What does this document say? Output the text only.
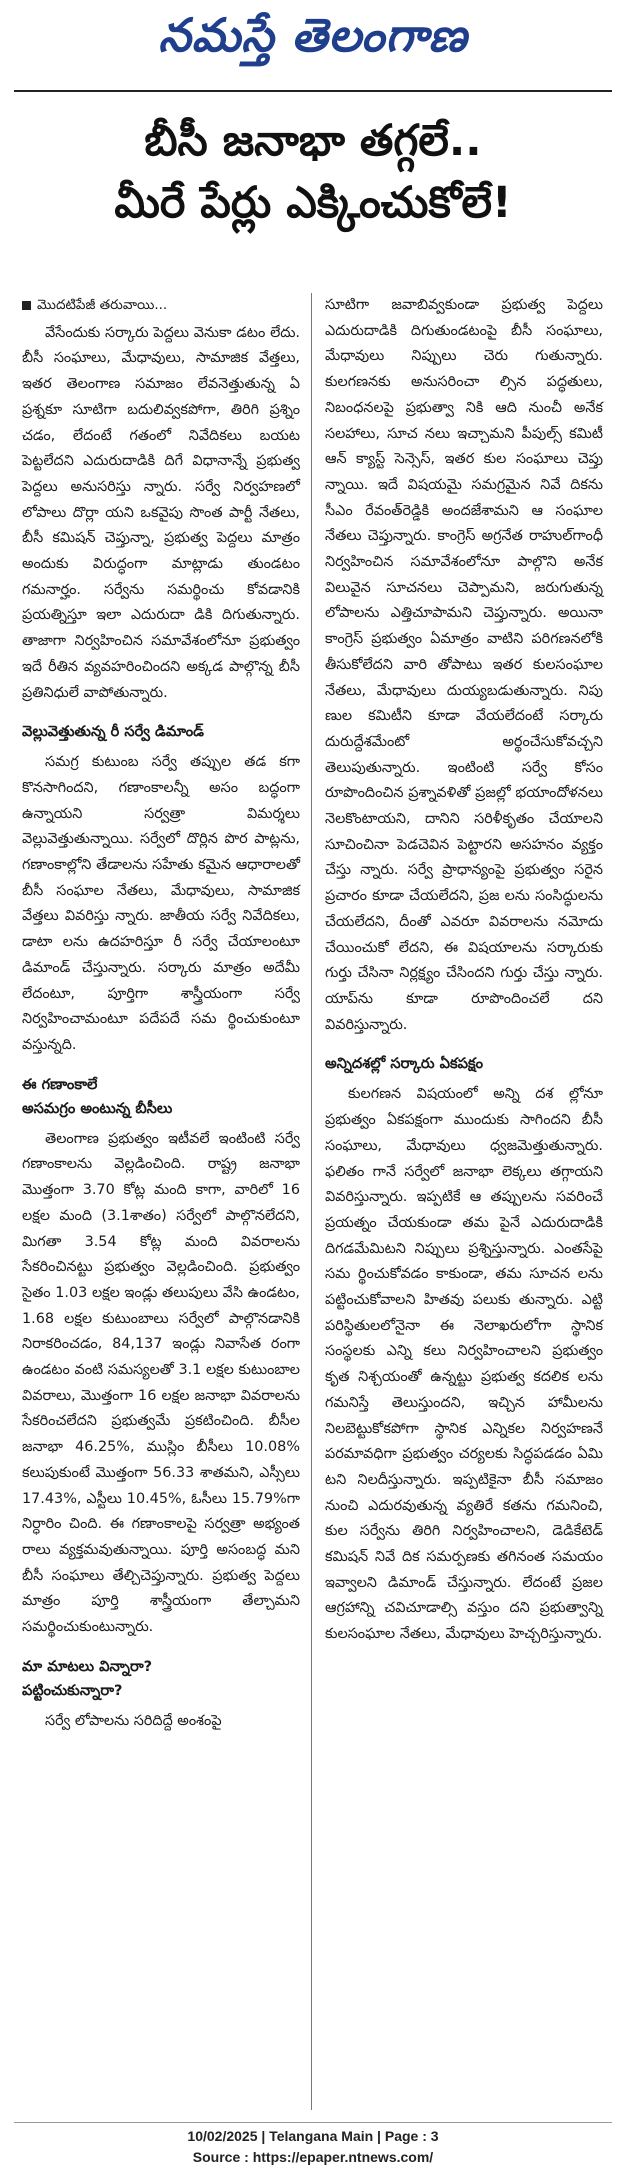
నమస్తే తెలంగాణ
బీసీ జనాభా తగ్గలే..
మీరే పేర్లు ఎక్కించుకోలే!
మొదటిపేజీ తరువాయి...

వేసేందుకు సర్కారు పెద్దలు వెనుకా డటం లేదు. బీసీ సంఘాలు, మేధావులు, సామాజిక వేత్తలు, ఇతర తెలంగాణ సమాజం లేవనెత్తుతున్న ఏ ప్రశ్నకూ సూటిగా బదులివ్వకపోగా, తిరిగి ప్రశ్నిం చడం, లేదంటే గతంలో నివేదికలు బయట పెట్టలేదని ఎదురుదాడికి దిగే విధానాన్నే ప్రభుత్వ పెద్దలు అనుసరిస్తు న్నారు. సర్వే నిర్వహణలో లోపాలు దొర్లా యని ఒకవైపు సొంత పార్టీ నేతలు, బీసీ కమిషన్ చెప్తున్నా, ప్రభుత్వ పెద్దలు మాత్రం అందుకు విరుద్ధంగా మాట్లాడు తుండటం గమనార్హం. సర్వేను సమర్థించు కోవడానికి ప్రయత్నిస్తూ ఇలా ఎదురుదా డికి దిగుతున్నారు. తాజాగా నిర్వహించిన సమావేశంలోనూ ప్రభుత్వం ఇదే రీతిన వ్యవహరించిందని అక్కడ పాల్గొన్న బీసీ ప్రతినిధులే వాపోతున్నారు.

వెల్లువెత్తుతున్న రీ సర్వే డిమాండ్

సమగ్ర కుటుంబ సర్వే తప్పుల తడ కగా కొనసాగిందని, గణాంకాలన్నీ అసం బద్ధంగా ఉన్నాయని సర్వత్రా విమర్శలు వెల్లువెత్తుతున్నాయి. సర్వేలో దొర్లిన పొర పాట్లను, గణాంకాల్లోని తేడాలను సహేతు కమైన ఆధారాలతో బీసీ సంఘాల నేతలు, మేధావులు, సామాజిక వేత్తలు వివరిస్తు న్నారు. జాతీయ సర్వే నివేదికలు, డాటా లను ఉదహరిస్తూ రీ సర్వే చేయాలంటూ డిమాండ్ చేస్తున్నారు. సర్కారు మాత్రం అదేమీ లేదంటూ, పూర్తిగా శాస్త్రీయంగా సర్వే నిర్వహించామంటూ పదేపదే సమ ర్థించుకుంటూ వస్తున్నది.

ఈ గణాంకాలే
అసమగ్రం అంటున్న బీసీలు

తెలంగాణ ప్రభుత్వం ఇటీవలే ఇంటింటి సర్వే గణాంకాలను వెల్లడించింది. రాష్ట్ర జనాభా మొత్తంగా 3.70 కోట్ల మంది కాగా, వారిలో 16 లక్షల మంది (3.1శాతం) సర్వేలో పాల్గొనలేదని, మిగతా 3.54 కోట్ల మంది వివరాలను సేకరించినట్టు ప్రభుత్వం వెల్లడించింది. ప్రభుత్వం సైతం 1.03 లక్షల ఇండ్లు తలుపులు వేసి ఉండటం, 1.68 లక్షల కుటుంబాలు సర్వేలో పాల్గొనడానికి నిరాకరించడం, 84,137 ఇండ్లు నివాసేత రంగా ఉండటం వంటి సమస్యలతో 3.1 లక్షల కుటుంబాల వివరాలు, మొత్తంగా 16 లక్షల జనాభా వివరాలను సేకరించలేదని ప్రభుత్వమే ప్రకటించింది. బీసీల జనాభా 46.25%, ముస్లిం బీసీలు 10.08% కలుపుకుంటే మొత్తంగా 56.33 శాతమని, ఎస్సీలు 17.43%, ఎస్టీలు 10.45%, ఓసీలు 15.79%గా నిర్ధారిం చింది. ఈ గణాంకాలపై సర్వత్రా అభ్యంత రాలు వ్యక్తమవుతున్నాయి. పూర్తి అసంబద్ధ మని బీసీ సంఘాలు తేల్చిచెప్తున్నారు. ప్రభుత్వ పెద్దలు మాత్రం పూర్తి శాస్త్రీయంగా తేల్చామని సమర్థించుకుంటున్నారు.

మా మాటలు విన్నారా?
పట్టించుకున్నారా?

సర్వే లోపాలను సరిదిద్దే అంశంపై

సూటిగా జవాబివ్వకుండా ప్రభుత్వ పెద్దలు ఎదురుదాడికి దిగుతుండటంపై బీసీ సంఘాలు, మేధావులు నిప్పులు చెరు గుతున్నారు. కులగణనకు అనుసరించా ల్సిన పద్ధతులు, నిబంధనలపై ప్రభుత్వా నికి ఆది నుంచీ అనేక సలహాలు, సూచ నలు ఇచ్చామని పీపుల్స్ కమిటీ ఆన్ క్యాస్ట్ సెన్సెస్, ఇతర కుల సంఘాలు చెప్తు న్నాయి. ఇదే విషయమై సమగ్రమైన నివే దికను సీఎం రేవంత్‌రెడ్డికి అందజేశామని ఆ సంఘాల నేతలు చెప్తున్నారు. కాంగ్రెస్ అగ్రనేత రాహుల్‌గాంధీ నిర్వహించిన సమావేశంలోనూ పాల్గొని అనేక విలువైన సూచనలు చెప్పామని, జరుగుతున్న లోపాలను ఎత్తిచూపామని చెప్తున్నారు. అయినా కాంగ్రెస్ ప్రభుత్వం ఏమాత్రం వాటిని పరిగణనలోకి తీసుకోలేదని వారి తోపాటు ఇతర కులసంఘాల నేతలు, మేధావులు దుయ్యబడుతున్నారు. నిపు ణుల కమిటీని కూడా వేయలేదంటే సర్కారు దురుద్దేశమేంటో అర్థంచేసుకోవచ్చని తెలుపుతున్నారు. ఇంటింటి సర్వే కోసం రూపొందించిన ప్రశ్నావళితో ప్రజల్లో భయాందోళనలు నెలకొంటాయని, దానిని సరిళీకృతం చేయాలని సూచించినా పెడచెవిన పెట్టారని అసహనం వ్యక్తం చేస్తు న్నారు. సర్వే ప్రాధాన్యంపై ప్రభుత్వం సరైన ప్రచారం కూడా చేయలేదని, ప్రజ లను సంసిద్ధులను చేయలేదని, దీంతో ఎవరూ వివరాలను నమోదు చేయించుకో లేదని, ఈ విషయాలను సర్కారుకు గుర్తు చేసినా నిర్లక్ష్యం చేసిందని గుర్తు చేస్తు న్నారు. యాప్‌ను కూడా రూపొందించలే దని వివరిస్తున్నారు.

అన్నిదశల్లో సర్కారు ఏకపక్షం

కులగణన విషయంలో అన్ని దశ ల్లోనూ ప్రభుత్వం ఏకపక్షంగా ముందుకు సాగిందని బీసీ సంఘాలు, మేధావులు ధ్వజమెత్తుతున్నారు. ఫలితం గానే సర్వేలో జనాభా లెక్కలు తగ్గాయని వివరిస్తున్నారు. ఇప్పటికే ఆ తప్పులను సవరించే ప్రయత్నం చేయకుండా తమ పైనే ఎదురుదాడికి దిగడమేమిటని నిప్పులు ప్రశ్నిస్తున్నారు. ఎంతసేపై సమ ర్థించుకోవడం కాకుండా, తమ సూచన లను పట్టించుకోవాలని హితవు పలుకు తున్నారు. ఎట్టి పరిస్థితులలోనైనా ఈ నెలాఖరులోగా స్థానిక సంస్థలకు ఎన్ని కలు నిర్వహించాలని ప్రభుత్వం కృత నిశ్చయంతో ఉన్నట్టు ప్రభుత్వ కదలిక లను గమనిస్తే తెలుస్తుందని, ఇచ్చిన హామీలను నిలబెట్టుకోకపోగా స్థానిక ఎన్నికల నిర్వహణనే పరమావధిగా ప్రభుత్వం చర్యలకు సిద్ధపడడం ఏమి టని నిలదీస్తున్నారు. ఇప్పటికైనా బీసీ సమాజం నుంచి ఎదురవుతున్న వ్యతిరే కతను గమనించి, కుల సర్వేను తిరిగి నిర్వహించాలని, డెడికేటెడ్ కమిషన్ నివే దిక సమర్పణకు తగినంత సమయం ఇవ్వాలని డిమాండ్ చేస్తున్నారు. లేదంటే ప్రజల ఆగ్రహాన్ని చవిచూడాల్సి వస్తుం దని ప్రభుత్వాన్ని కులసంఘాల నేతలు, మేధావులు హెచ్చరిస్తున్నారు.

10/02/2025 | Telangana Main | Page : 3
Source : https://epaper.ntnews.com/
